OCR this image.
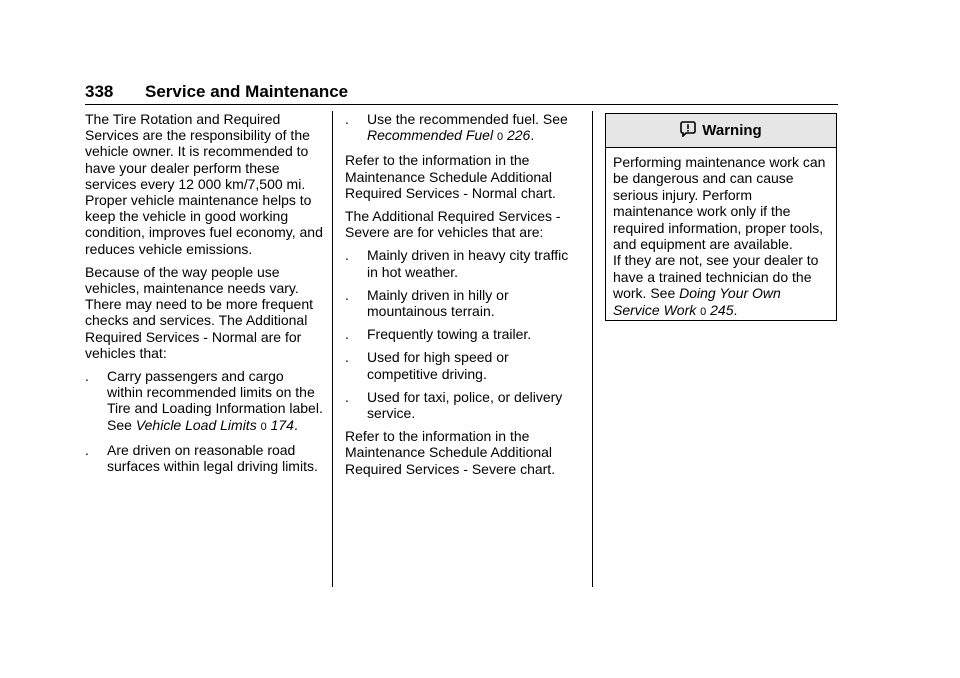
338 Service and Maintenance

The Tire Rotation and Required Services are the responsibility of the vehicle owner. It is recommended to have your dealer perform these services every 12 000 km/7,500 mi. Proper vehicle maintenance helps to keep the vehicle in good working condition, improves fuel economy, and reduces vehicle emissions.

Because of the way people use vehicles, maintenance needs vary. There may need to be more frequent checks and services. The Additional Required Services - Normal are for vehicles that:

. Carry passengers and cargo within recommended limits on the Tire and Loading Information label. See Vehicle Load Limits 0 174.
. Are driven on reasonable road surfaces within legal driving limits.
. Use the recommended fuel. See Recommended Fuel 0 226.

Refer to the information in the Maintenance Schedule Additional Required Services - Normal chart.

The Additional Required Services - Severe are for vehicles that are:

. Mainly driven in heavy city traffic in hot weather.
. Mainly driven in hilly or mountainous terrain.
. Frequently towing a trailer.
. Used for high speed or competitive driving.
. Used for taxi, police, or delivery service.

Refer to the information in the Maintenance Schedule Additional Required Services - Severe chart.

Warning

Performing maintenance work can be dangerous and can cause serious injury. Perform maintenance work only if the required information, proper tools, and equipment are available.

If they are not, see your dealer to have a trained technician do the work. See Doing Your Own Service Work 0 245.
